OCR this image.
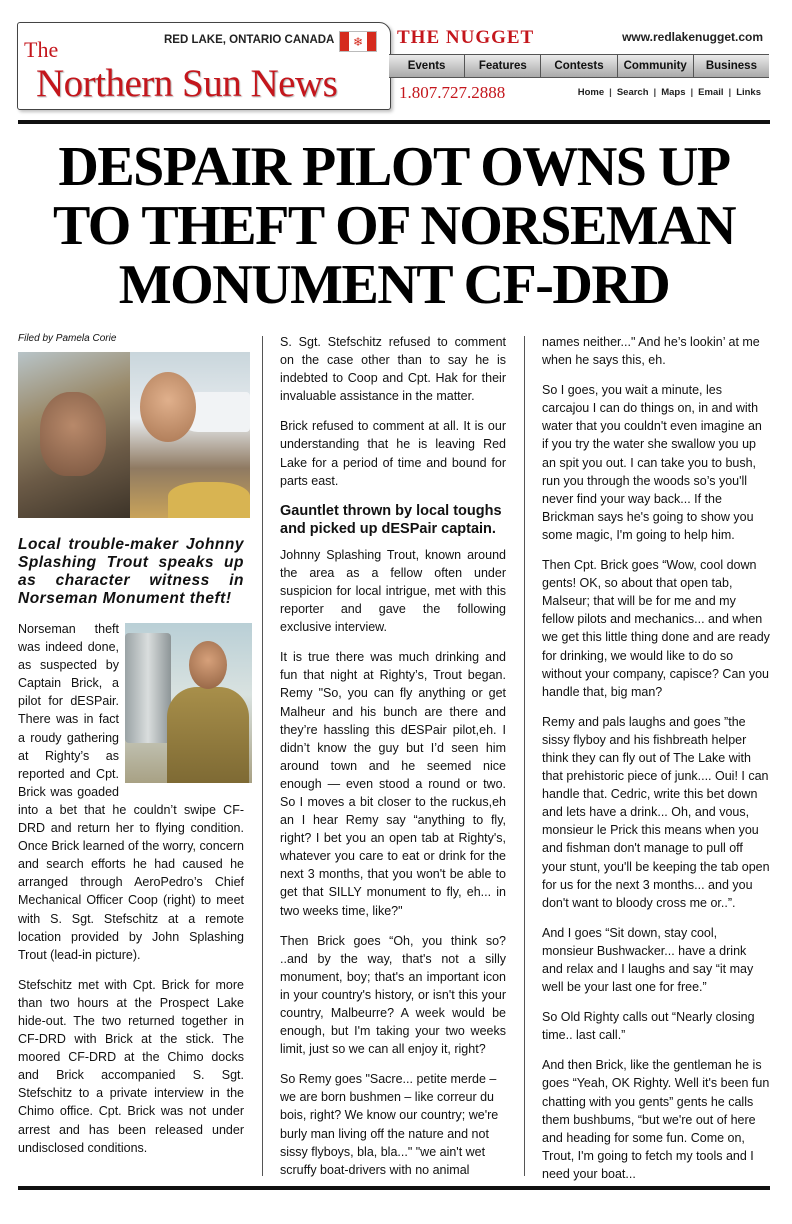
The
Northern Sun News
RED LAKE, ONTARIO CANADA	❄ THE NUGGET	www.redlakenugget.com
Events	Features	Contests	Community	Business
1.807.727.2888	Home | Search | Maps | Email | Links
DESPAIR PILOT OWNS UP TO THEFT OF NORSEMAN MONUMENT CF-DRD

Filed by Pamela Corie

Local trouble-maker Johnny Splashing Trout speaks up as character witness in Norseman Monument theft!

Norseman theft was indeed done, as suspected by Captain Brick, a pilot for dESPair. There was in fact a roudy gathering at Righty’s as reported and Cpt. Brick was goaded into a bet that he couldn’t swipe CF-DRD and return her to flying condition. Once Brick learned of the worry, concern and search efforts he had caused he arranged through AeroPedro’s Chief Mechanical Officer Coop (right) to meet with S. Sgt. Stefschitz at a remote location provided by John Splashing Trout (lead-in picture).

Stefschitz met with Cpt. Brick for more than two hours at the Prospect Lake hide-out. The two returned together in CF-DRD with Brick at the stick. The moored CF-DRD at the Chimo docks and Brick accompanied S. Sgt. Stefschitz to a private interview in the Chimo office. Cpt. Brick was not under arrest and has been released under undisclosed conditions.

S. Sgt. Stefschitz refused to comment on the case other than to say he is indebted to Coop and Cpt. Hak for their invaluable assistance in the matter.

Brick refused to comment at all. It is our understanding that he is leaving Red Lake for a period of time and bound for parts east.

Gauntlet thrown by local toughs and picked up dESPair captain.

Johnny Splashing Trout, known around the area as a fellow often under suspicion for local intrigue, met with this reporter and gave the following exclusive interview.

It is true there was much drinking and fun that night at Righty’s, Trout began. Remy "So, you can fly anything or get Malheur and his bunch are there and they’re hassling this dESPair pilot,eh. I didn’t know the guy but I’d seen him around town and he seemed nice enough — even stood a round or two. So I moves a bit closer to the ruckus,eh an I hear Remy say “anything to fly, right? I bet you an open tab at Righty's, whatever you care to eat or drink for the next 3 months, that you won't be able to get that SILLY monument to fly, eh... in two weeks time, like?"

Then Brick goes “Oh, you think so? ..and by the way, that's not a silly monument, boy; that's an important icon in your country's history, or isn't this your country, Malbeurre? A week would be enough, but I'm taking your two weeks limit, just so we can all enjoy it, right?

So Remy goes "Sacre... petite merde – we are born bushmen – like correur du bois, right? We know our country; we're burly man living off the nature and not sissy flyboys, bla, bla..." "we ain't wet scruffy boat-drivers with no animal

names neither..." And he’s lookin’ at me when he says this, eh.

So I goes, you wait a minute, les carcajou I can do things on, in and with water that you couldn't even imagine an if you try the water she swallow you up an spit you out. I can take you to bush, run you through the woods so’s you'll never find your way back... If the Brickman says he's going to show you some magic, I'm going to help him.

Then Cpt. Brick goes “Wow, cool down gents! OK, so about that open tab, Malseur; that will be for me and my fellow pilots and mechanics... and when we get this little thing done and are ready for drinking, we would like to do so without your company, capisce? Can you handle that, big man?

Remy and pals laughs and goes ”the sissy flyboy and his fishbreath helper think they can fly out of The Lake with that prehistoric piece of junk.... Oui! I can handle that. Cedric, write this bet down and lets have a drink... Oh, and vous, monsieur le Prick this means when you and fishman don't manage to pull off your stunt, you'll be keeping the tab open for us for the next 3 months... and you don't want to bloody cross me or..”.

And I goes “Sit down, stay cool, monsieur Bushwacker... have a drink and relax and I laughs and say “it may well be your last one for free.”

So Old Righty calls out “Nearly closing time.. last call.”

And then Brick, like the gentleman he is goes “Yeah, OK Righty. Well it's been fun chatting with you gents” gents he calls them bushbums, “but we're out of here and heading for some fun. Come on, Trout, I'm going to fetch my tools and I need your boat...
